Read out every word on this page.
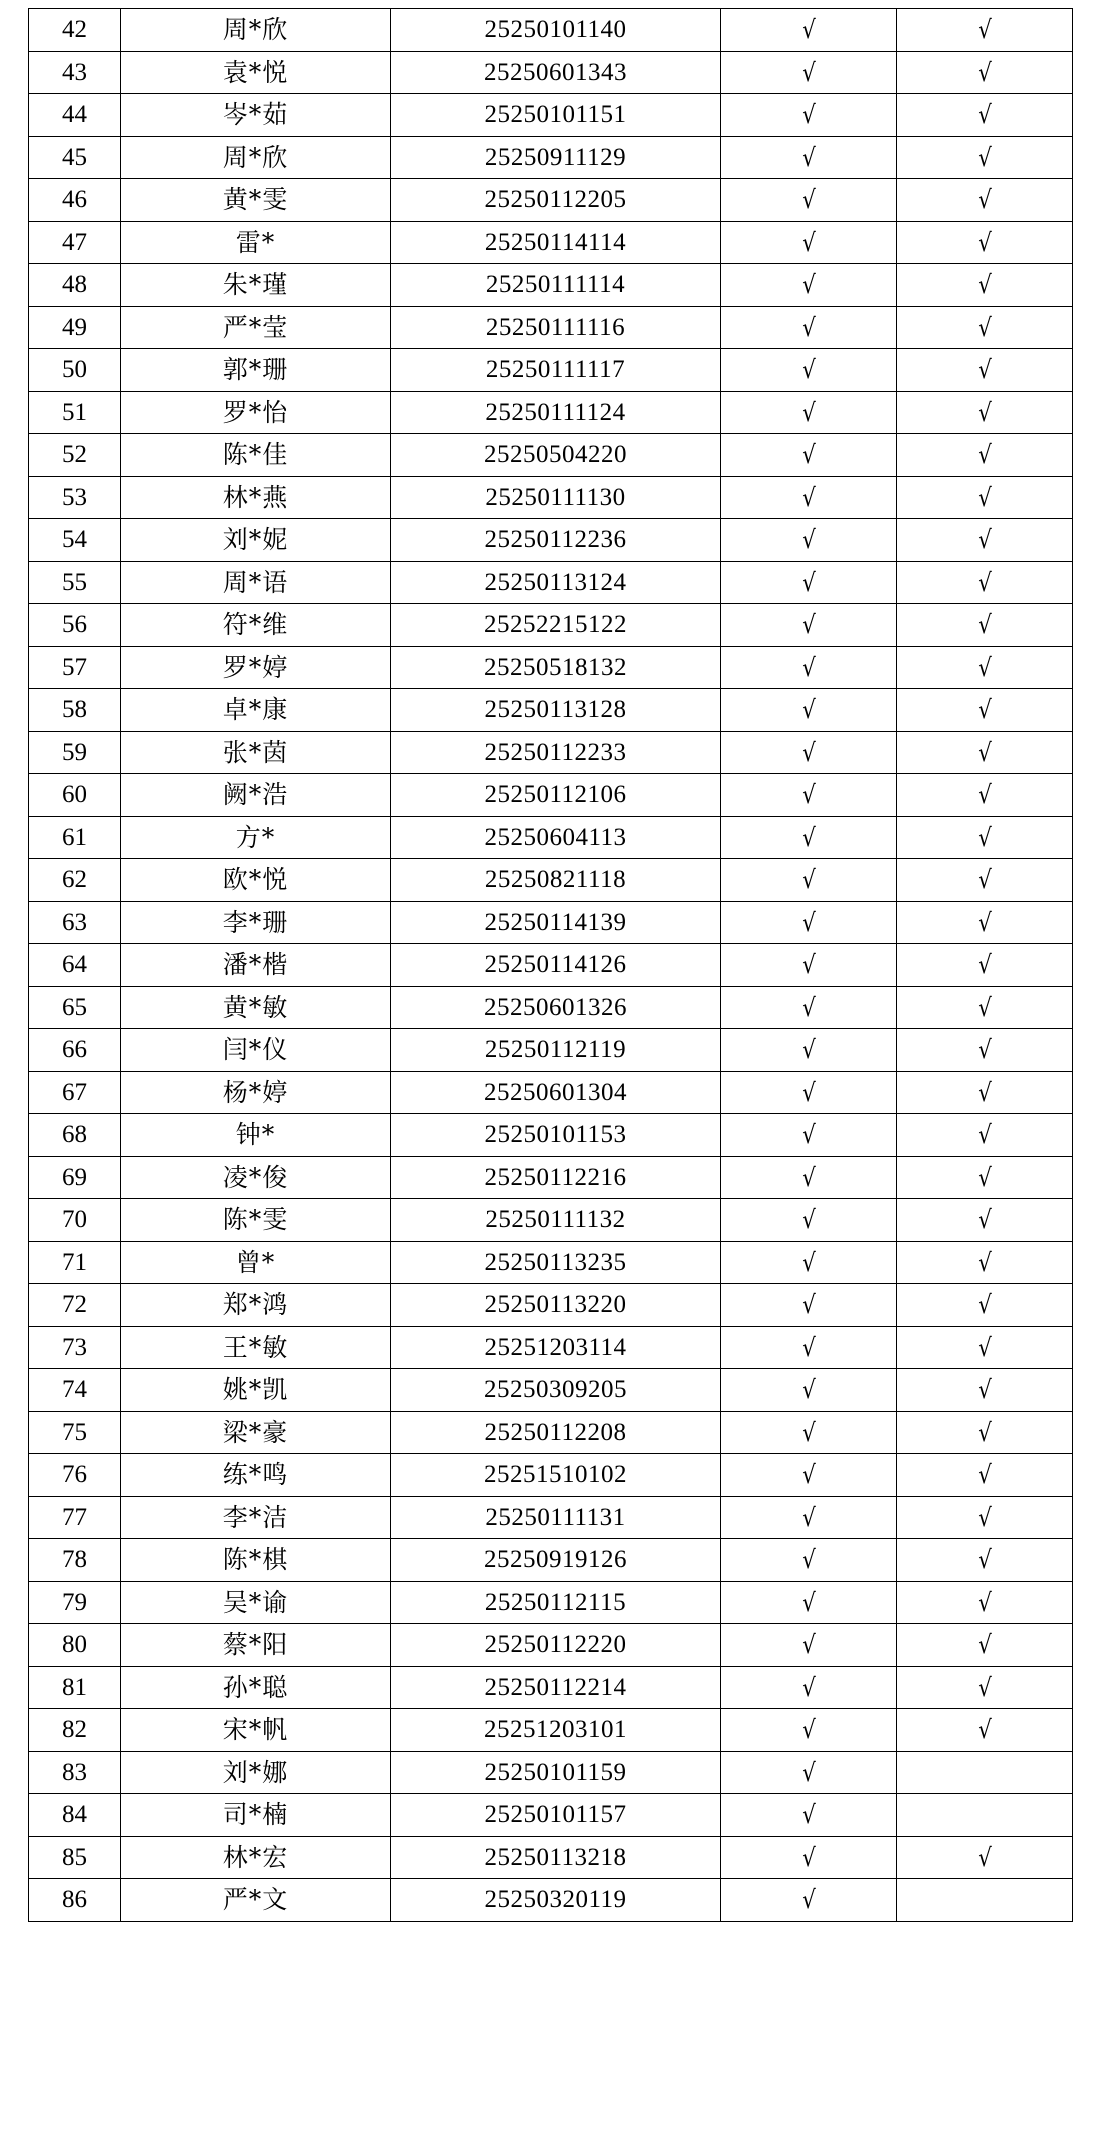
42	周*欣	25250101140	√	√
43	袁*悦	25250601343	√	√
44	岑*茹	25250101151	√	√
45	周*欣	25250911129	√	√
46	黄*雯	25250112205	√	√
47	雷*	25250114114	√	√
48	朱*瑾	25250111114	√	√
49	严*莹	25250111116	√	√
50	郭*珊	25250111117	√	√
51	罗*怡	25250111124	√	√
52	陈*佳	25250504220	√	√
53	林*燕	25250111130	√	√
54	刘*妮	25250112236	√	√
55	周*语	25250113124	√	√
56	符*维	25252215122	√	√
57	罗*婷	25250518132	√	√
58	卓*康	25250113128	√	√
59	张*茵	25250112233	√	√
60	阙*浩	25250112106	√	√
61	方*	25250604113	√	√
62	欧*悦	25250821118	√	√
63	李*珊	25250114139	√	√
64	潘*楷	25250114126	√	√
65	黄*敏	25250601326	√	√
66	闫*仪	25250112119	√	√
67	杨*婷	25250601304	√	√
68	钟*	25250101153	√	√
69	凌*俊	25250112216	√	√
70	陈*雯	25250111132	√	√
71	曾*	25250113235	√	√
72	郑*鸿	25250113220	√	√
73	王*敏	25251203114	√	√
74	姚*凯	25250309205	√	√
75	梁*豪	25250112208	√	√
76	练*鸣	25251510102	√	√
77	李*洁	25250111131	√	√
78	陈*棋	25250919126	√	√
79	吴*谕	25250112115	√	√
80	蔡*阳	25250112220	√	√
81	孙*聪	25250112214	√	√
82	宋*帆	25251203101	√	√
83	刘*娜	25250101159	√	
84	司*楠	25250101157	√	
85	林*宏	25250113218	√	√
86	严*文	25250320119	√	
